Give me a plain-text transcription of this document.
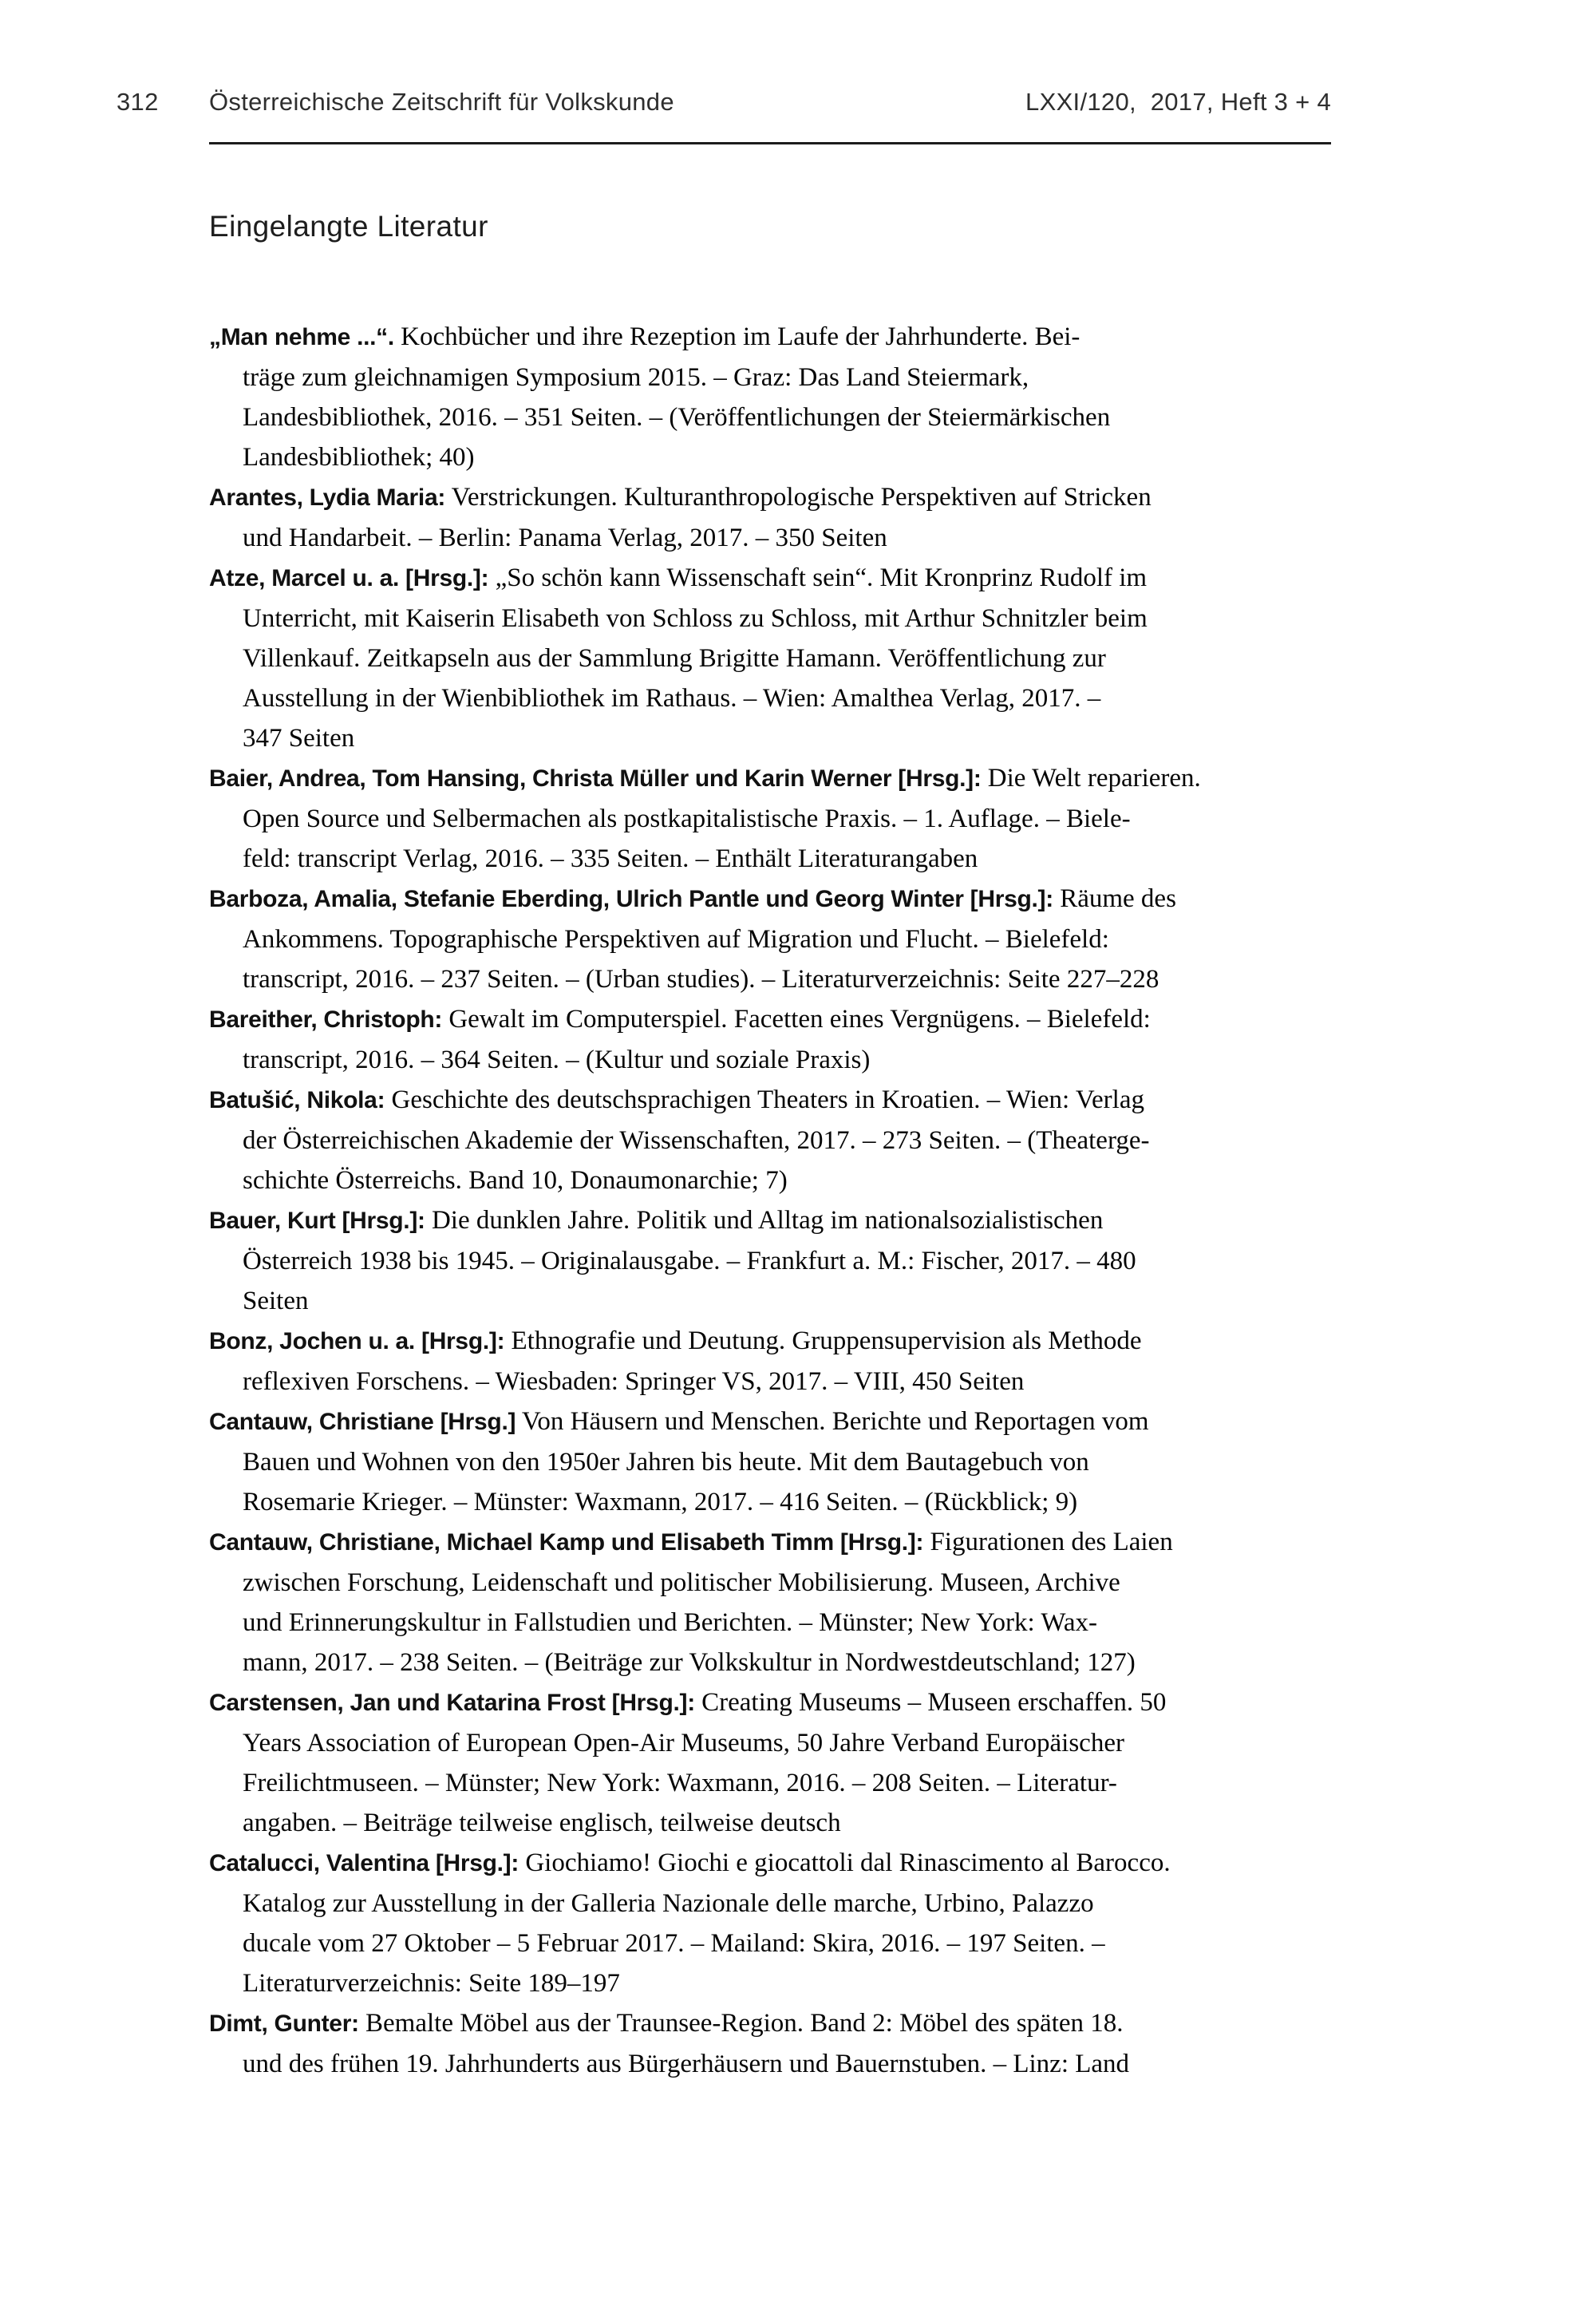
312	Österreichische Zeitschrift für Volkskunde	LXXI/120,  2017, Heft 3 + 4
Eingelangte Literatur
„Man nehme ...“. Kochbücher und ihre Rezeption im Laufe der Jahrhunderte. Bei-
träge zum gleichnamigen Symposium 2015. – Graz: Das Land Steiermark,
Landesbibliothek, 2016. – 351 Seiten. – (Veröffentlichungen der Steiermärkischen
Landesbibliothek; 40)
Arantes, Lydia Maria: Verstrickungen. Kulturanthropologische Perspektiven auf Stricken
und Handarbeit. – Berlin: Panama Verlag, 2017. – 350 Seiten
Atze, Marcel u. a. [Hrsg.]: „So schön kann Wissenschaft sein“. Mit Kronprinz Rudolf im
Unterricht, mit Kaiserin Elisabeth von Schloss zu Schloss, mit Arthur Schnitzler beim
Villenkauf. Zeitkapseln aus der Sammlung Brigitte Hamann. Veröffentlichung zur
Ausstellung in der Wienbibliothek im Rathaus. – Wien: Amalthea Verlag, 2017. –
347 Seiten
Baier, Andrea, Tom Hansing, Christa Müller und Karin Werner [Hrsg.]: Die Welt reparieren.
Open Source und Selbermachen als postkapitalistische Praxis. – 1. Auflage. – Biele-
feld: transcript Verlag, 2016. – 335 Seiten. – Enthält Literaturangaben
Barboza, Amalia, Stefanie Eberding, Ulrich Pantle und Georg Winter [Hrsg.]: Räume des
Ankommens. Topographische Perspektiven auf Migration und Flucht. – Bielefeld:
transcript, 2016. – 237 Seiten. – (Urban studies). – Literaturverzeichnis: Seite 227–228
Bareither, Christoph: Gewalt im Computerspiel. Facetten eines Vergnügens. – Bielefeld:
transcript, 2016. – 364 Seiten. – (Kultur und soziale Praxis)
Batušić, Nikola: Geschichte des deutschsprachigen Theaters in Kroatien. – Wien: Verlag
der Österreichischen Akademie der Wissenschaften, 2017. – 273 Seiten. – (Theaterge-
schichte Österreichs. Band 10, Donaumonarchie; 7)
Bauer, Kurt [Hrsg.]: Die dunklen Jahre. Politik und Alltag im nationalsozialistischen
Österreich 1938 bis 1945. – Originalausgabe. – Frankfurt a. M.: Fischer, 2017. – 480
Seiten
Bonz, Jochen u. a. [Hrsg.]: Ethnografie und Deutung. Gruppensupervision als Methode
reflexiven Forschens. – Wiesbaden: Springer VS, 2017. – VIII, 450 Seiten
Cantauw, Christiane [Hrsg.] Von Häusern und Menschen. Berichte und Reportagen vom
Bauen und Wohnen von den 1950er Jahren bis heute. Mit dem Bautagebuch von
Rosemarie Krieger. – Münster: Waxmann, 2017. – 416 Seiten. – (Rückblick; 9)
Cantauw, Christiane, Michael Kamp und Elisabeth Timm [Hrsg.]: Figurationen des Laien
zwischen Forschung, Leidenschaft und politischer Mobilisierung. Museen, Archive
und Erinnerungskultur in Fallstudien und Berichten. – Münster; New York: Wax-
mann, 2017. – 238 Seiten. – (Beiträge zur Volkskultur in Nordwestdeutschland; 127)
Carstensen, Jan und Katarina Frost [Hrsg.]: Creating Museums – Museen erschaffen. 50
Years Association of European Open-Air Museums, 50 Jahre Verband Europäischer
Freilichtmuseen. – Münster; New York: Waxmann, 2016. – 208 Seiten. – Literatur-
angaben. – Beiträge teilweise englisch, teilweise deutsch
Catalucci, Valentina [Hrsg.]: Giochiamo! Giochi e giocattoli dal Rinascimento al Barocco.
Katalog zur Ausstellung in der Galleria Nazionale delle marche, Urbino, Palazzo
ducale vom 27 Oktober – 5 Februar 2017. – Mailand: Skira, 2016. – 197 Seiten. –
Literaturverzeichnis: Seite 189–197
Dimt, Gunter: Bemalte Möbel aus der Traunsee-Region. Band 2: Möbel des späten 18.
und des frühen 19. Jahrhunderts aus Bürgerhäusern und Bauernstuben. – Linz: Land
